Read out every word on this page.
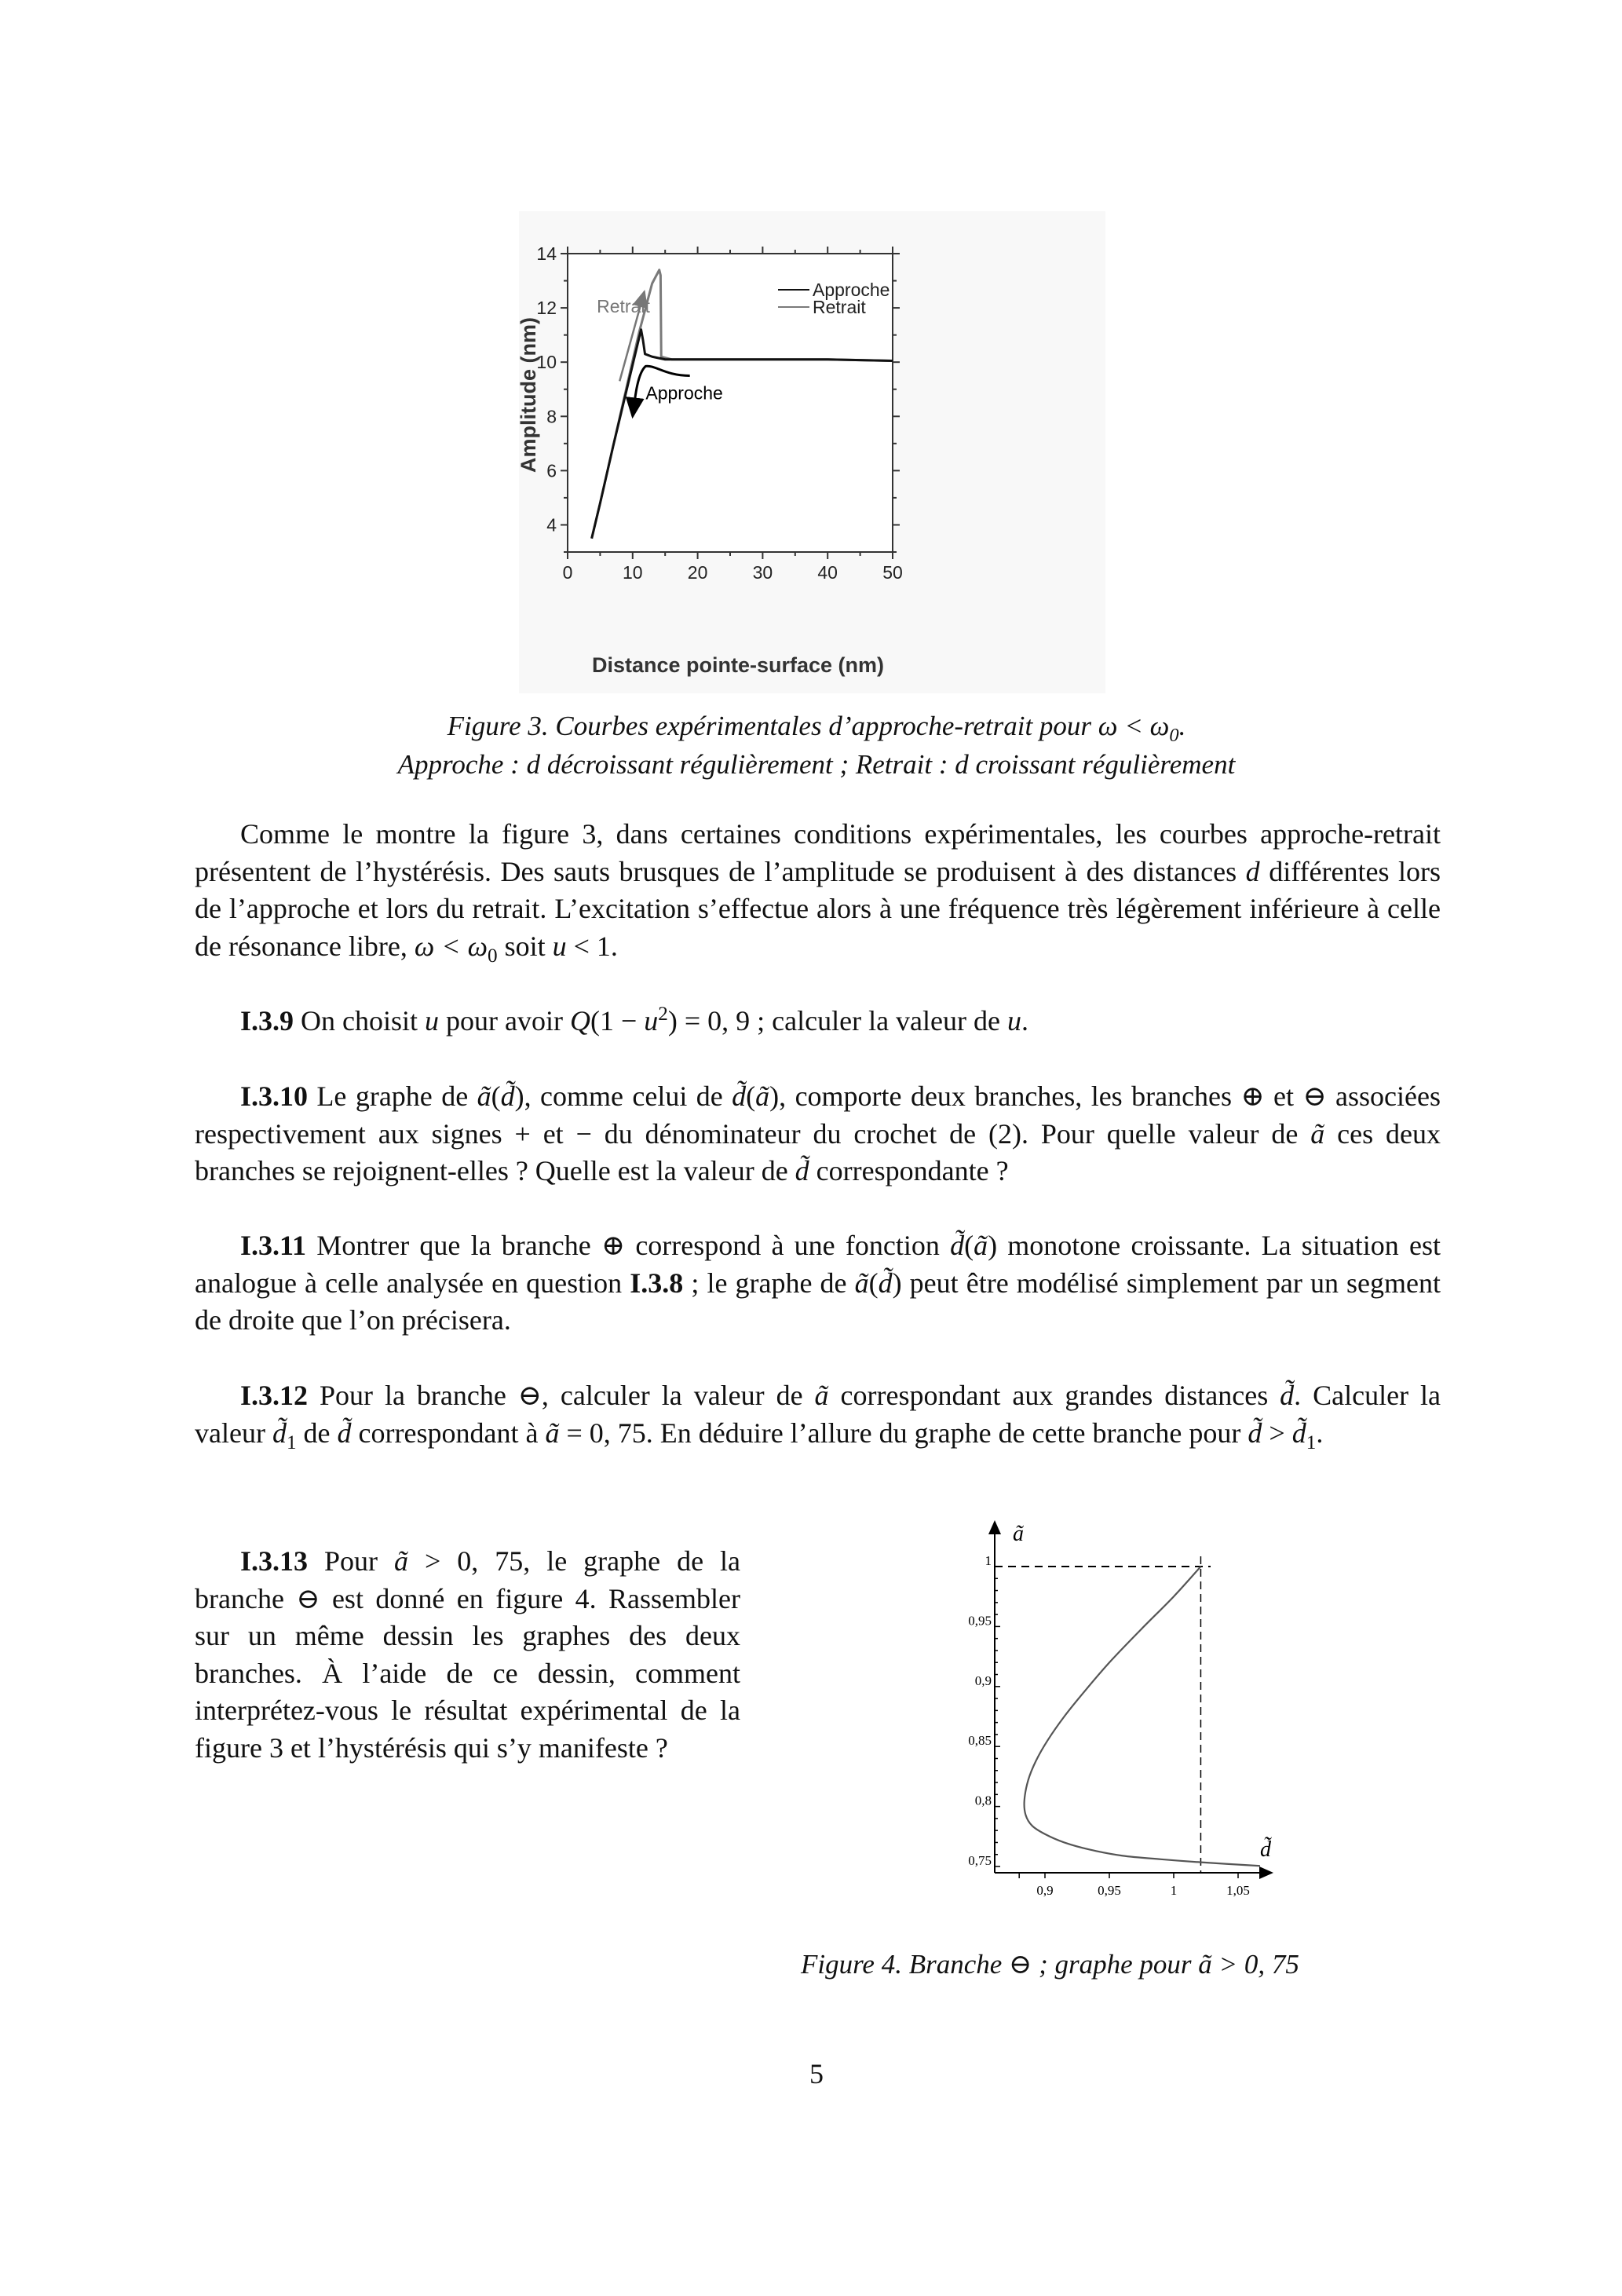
0	10 20 30 40 50
4
6
8
10
12
14
Distance pointe-surface (nm)
Amplitude (nm)
Approche
Retrait
Retrait
Approche
0,9	0,95	1	1,05
0,75
0,8
0,85
0,9
0,95
1
ã
d̃
Figure 3. Courbes expérimentales d’approche-retrait pour $\omega < \omega_0$.
Approche : d décroissant régulièrement ; Retrait : d croissant régulièrement
Comme le montre la figure 3, dans certaines conditions expérimentales, les courbes approche-retrait présentent de l’hystérésis. Des sauts brusques de l’amplitude se produisent à des distances d différentes lors de l’approche et lors du retrait. L’excitation s’effectue alors à une fréquence très légèrement inférieure à celle de résonance libre, $\omega < \omega_0$ soit u < 1.
I.3.9 On choisit u pour avoir $Q(1 - u^2) = 0$, 9 ; calculer la valeur de u.
I.3.10 Le graphe de ã(d̃), comme celui de d̃(ã), comporte deux branches, les branches ⊕ et ⊖ associées respectivement aux signes + et − du dénominateur du crochet de (2). Pour quelle valeur de ã ces deux branches se rejoignent-elles ? Quelle est la valeur de d̃ correspondante ?
I.3.11 Montrer que la branche ⊕ correspond à une fonction d̃(ã) monotone croissante. La situation est analogue à celle analysée en question I.3.8 ; le graphe de ã(d̃) peut être modélisé simplement par un segment de droite que l’on précisera.
I.3.12 Pour la branche ⊖, calculer la valeur de ã correspondant aux grandes distances d̃. Calculer la valeur $d̃_1$ de d̃ correspondant à ã = 0, 75. En déduire l’allure du graphe de cette branche pour d̃ > $d̃_1$.
I.3.13 Pour ã > 0, 75, le graphe de la branche ⊖ est donné en figure 4. Rassembler sur un même dessin les graphes des deux branches. À l’aide de ce dessin, comment interprétez-vous le résultat expérimental de la figure 3 et l’hystérésis qui s’y manifeste ?
Figure 4. Branche ⊖ ; graphe pour ã > 0, 75
5
